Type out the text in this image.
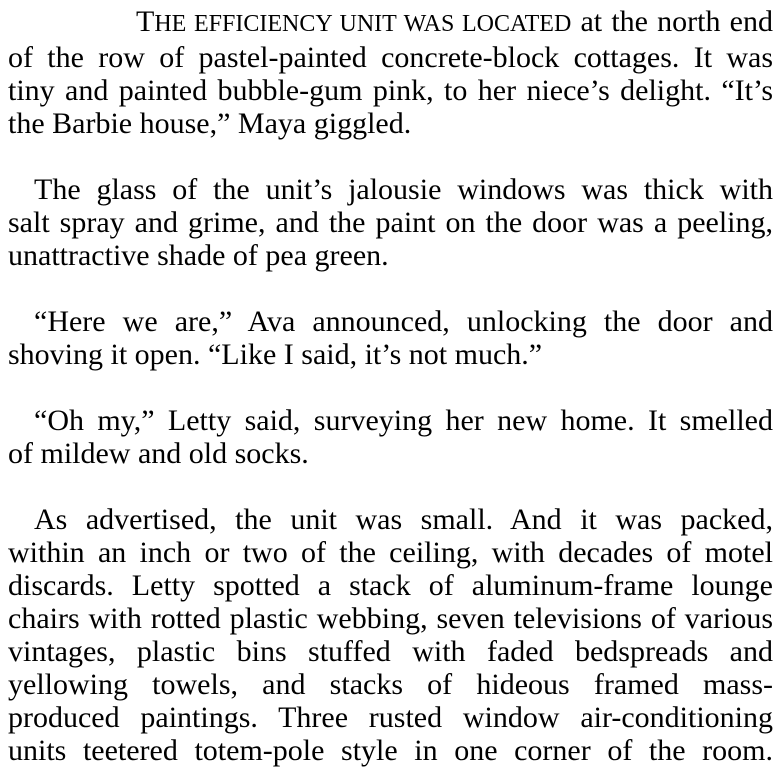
THE EFFICIENCY UNIT WAS LOCATED at the north end
of the row of pastel-painted concrete-block cottages. It was
tiny and painted bubble-gum pink, to her niece’s delight. “It’s
the Barbie house,” Maya giggled.
The glass of the unit’s jalousie windows was thick with
salt spray and grime, and the paint on the door was a peeling,
unattractive shade of pea green.
“Here we are,” Ava announced, unlocking the door and
shoving it open. “Like I said, it’s not much.”
“Oh my,” Letty said, surveying her new home. It smelled
of mildew and old socks.
As advertised, the unit was small. And it was packed,
within an inch or two of the ceiling, with decades of motel
discards. Letty spotted a stack of aluminum-frame lounge
chairs with rotted plastic webbing, seven televisions of various
vintages, plastic bins stuffed with faded bedspreads and
yellowing towels, and stacks of hideous framed mass-
produced paintings. Three rusted window air-conditioning
units teetered totem-pole style in one corner of the room.
